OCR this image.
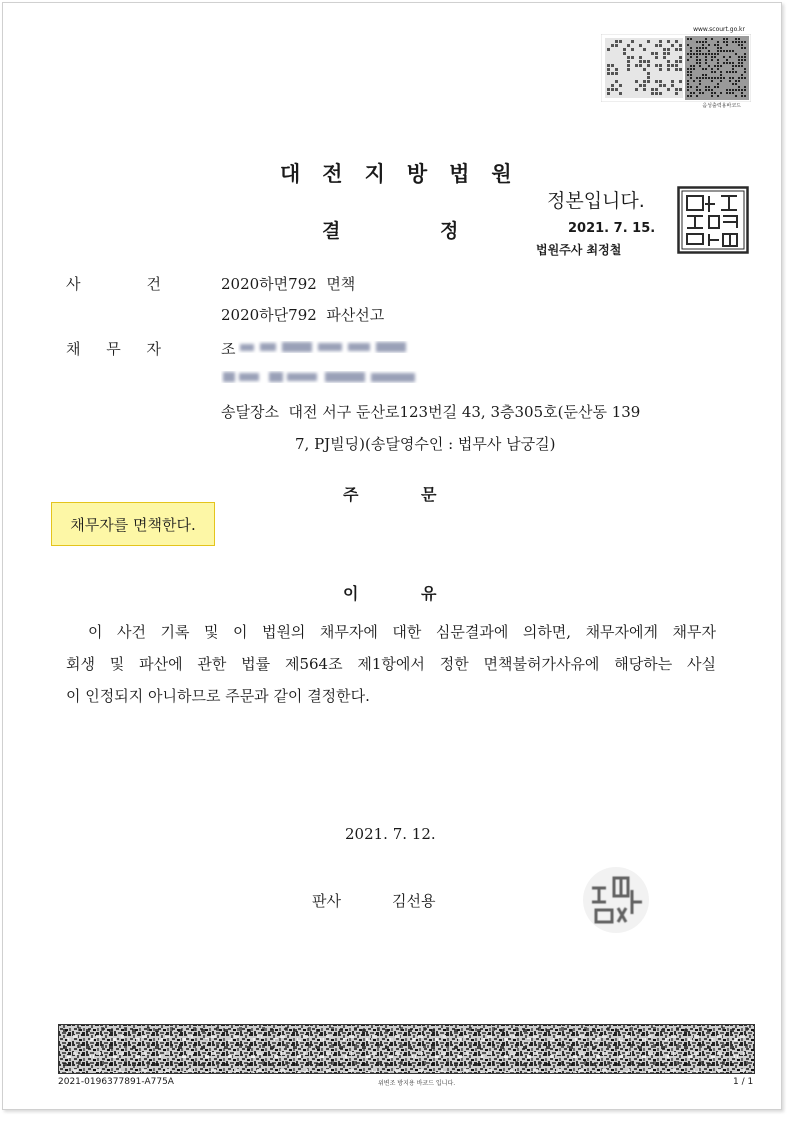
www.scourt.go.kr
음성출력용바코드
대전지방법원
결	정
정본입니다.
2021. 7. 15.
법원주사 최정철
사	건	2020하면792  면책
2020하단792  파산선고
채 무 자	조
송달장소  대전 서구 둔산로123번길 43, 3층305호(둔산동 139
7, PJ빌딩)(송달영수인 : 법무사 남궁길)
주	문
채무자를 면책한다.
이	유

이 사건 기록 및 이 법원의 채무자에 대한 심문결과에 의하면, 채무자에게 채무자

회생 및 파산에 관한 법률 제564조 제1항에서 정한 면책불허가사유에 해당하는 사실

이 인정되지 아니하므로 주문과 같이 결정한다.

2021. 7. 12.
판사	김선용
2021-0196377891-A775A	위변조 방지용 바코드 입니다.	1 / 1
